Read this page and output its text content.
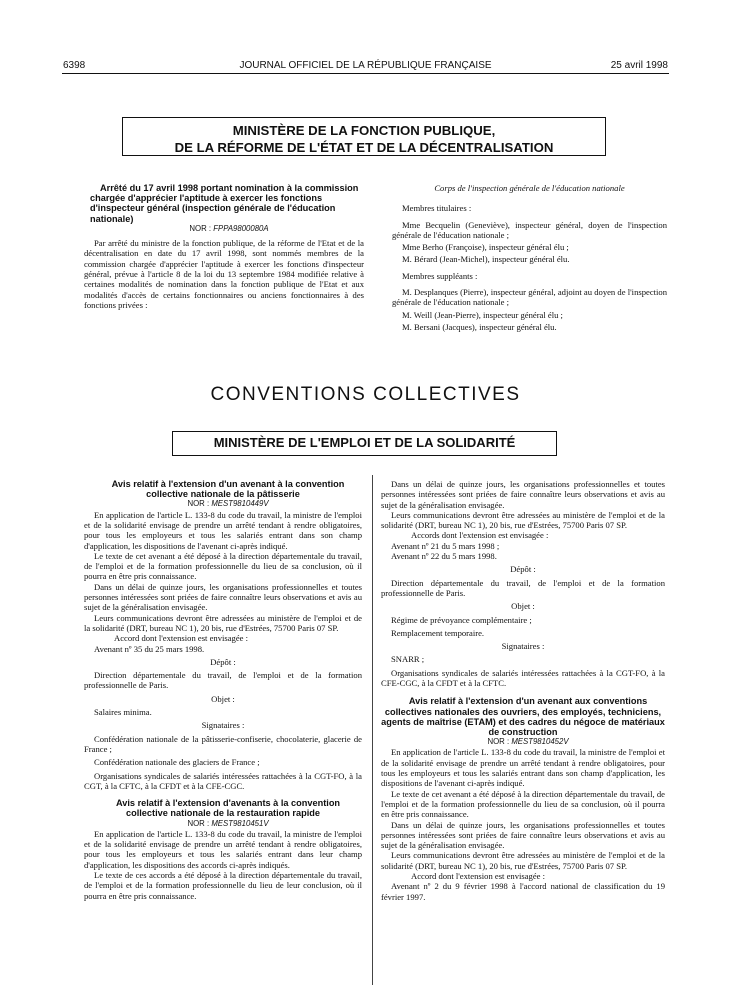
6398	JOURNAL OFFICIEL DE LA RÉPUBLIQUE FRANÇAISE	25 avril 1998
MINISTÈRE DE LA FONCTION PUBLIQUE,
DE LA RÉFORME DE L'ÉTAT ET DE LA DÉCENTRALISATION

Arrêté du 17 avril 1998 portant nomination à la commission chargée d'apprécier l'aptitude à exercer les fonctions d'inspecteur général (inspection générale de l'éducation nationale)

NOR : FPPA9800080A

Par arrêté du ministre de la fonction publique, de la réforme de l'Etat et de la décentralisation en date du 17 avril 1998, sont nommés membres de la commission chargée d'apprécier l'aptitude à exercer les fonctions d'inspecteur général, prévue à l'article 8 de la loi du 13 septembre 1984 modifiée relative à certaines modalités de nomination dans la fonction publique de l'Etat et aux modalités d'accès de certains fonctionnaires ou anciens fonctionnaires à des fonctions privées :

Corps de l'inspection générale de l'éducation nationale

Membres titulaires :

Mme Becquelin (Geneviève), inspecteur général, doyen de l'inspection générale de l'éducation nationale ;

Mme Berho (Françoise), inspecteur général élu ;

M. Bérard (Jean-Michel), inspecteur général élu.

Membres suppléants :

M. Desplanques (Pierre), inspecteur général, adjoint au doyen de l'inspection générale de l'éducation nationale ;

M. Weill (Jean-Pierre), inspecteur général élu ;

M. Bersani (Jacques), inspecteur général élu.

CONVENTIONS COLLECTIVES
MINISTÈRE DE L'EMPLOI ET DE LA SOLIDARITÉ

Avis relatif à l'extension d'un avenant à la convention collective nationale de la pâtisserie

NOR : MEST9810449V

En application de l'article L. 133-8 du code du travail, la ministre de l'emploi et de la solidarité envisage de prendre un arrêté tendant à rendre obligatoires, pour tous les employeurs et tous les salariés entrant dans son champ d'application, les dispositions de l'avenant ci-après indiqué.

Le texte de cet avenant a été déposé à la direction départementale du travail, de l'emploi et de la formation professionnelle du lieu de sa conclusion, où il pourra en être pris connaissance.

Dans un délai de quinze jours, les organisations professionnelles et toutes personnes intéressées sont priées de faire connaître leurs observations et avis au sujet de la généralisation envisagée.

Leurs communications devront être adressées au ministère de l'emploi et de la solidarité (DRT, bureau NC 1), 20 bis, rue d'Estrées, 75700 Paris 07 SP.

Accord dont l'extension est envisagée :

Avenant nº 35 du 25 mars 1998.

Dépôt :

Direction départementale du travail, de l'emploi et de la formation professionnelle de Paris.

Objet :

Salaires minima.

Signataires :

Confédération nationale de la pâtisserie-confiserie, chocolaterie, glacerie de France ;

Confédération nationale des glaciers de France ;

Organisations syndicales de salariés intéressées rattachées à la CGT-FO, à la CGT, à la CFTC, à la CFDT et à la CFE-CGC.

Avis relatif à l'extension d'avenants à la convention collective nationale de la restauration rapide

NOR : MEST9810451V

En application de l'article L. 133-8 du code du travail, la ministre de l'emploi et de la solidarité envisage de prendre un arrêté tendant à rendre obligatoires, pour tous les employeurs et tous les salariés entrant dans leur champ d'application, les dispositions des accords ci-après indiqués.

Le texte de ces accords a été déposé à la direction départementale du travail, de l'emploi et de la formation professionnelle du lieu de leur conclusion, où il pourra en être pris connaissance.

Dans un délai de quinze jours, les organisations professionnelles et toutes personnes intéressées sont priées de faire connaître leurs observations et avis au sujet de la généralisation envisagée.

Leurs communications devront être adressées au ministère de l'emploi et de la solidarité (DRT, bureau NC 1), 20 bis, rue d'Estrées, 75700 Paris 07 SP.

Accords dont l'extension est envisagée :

Avenant nº 21 du 5 mars 1998 ;

Avenant nº 22 du 5 mars 1998.

Dépôt :

Direction départementale du travail, de l'emploi et de la formation professionnelle de Paris.

Objet :

Régime de prévoyance complémentaire ;

Remplacement temporaire.

Signataires :

SNARR ;

Organisations syndicales de salariés intéressées rattachées à la CGT-FO, à la CFE-CGC, à la CFDT et à la CFTC.

Avis relatif à l'extension d'un avenant aux conventions collectives nationales des ouvriers, des employés, techniciens, agents de maîtrise (ETAM) et des cadres du négoce de matériaux de construction

NOR : MEST9810452V

En application de l'article L. 133-8 du code du travail, la ministre de l'emploi et de la solidarité envisage de prendre un arrêté tendant à rendre obligatoires, pour tous les employeurs et tous les salariés entrant dans son champ d'application, les dispositions de l'avenant ci-après indiqué.

Le texte de cet avenant a été déposé à la direction départementale du travail, de l'emploi et de la formation professionnelle du lieu de sa conclusion, où il pourra en être pris connaissance.

Dans un délai de quinze jours, les organisations professionnelles et toutes personnes intéressées sont priées de faire connaître leurs observations et avis au sujet de la généralisation envisagée.

Leurs communications devront être adressées au ministère de l'emploi et de la solidarité (DRT, bureau NC 1), 20 bis, rue d'Estrées, 75700 Paris 07 SP.

Accord dont l'extension est envisagée :

Avenant nº 2 du 9 février 1998 à l'accord national de classification du 19 février 1997.
